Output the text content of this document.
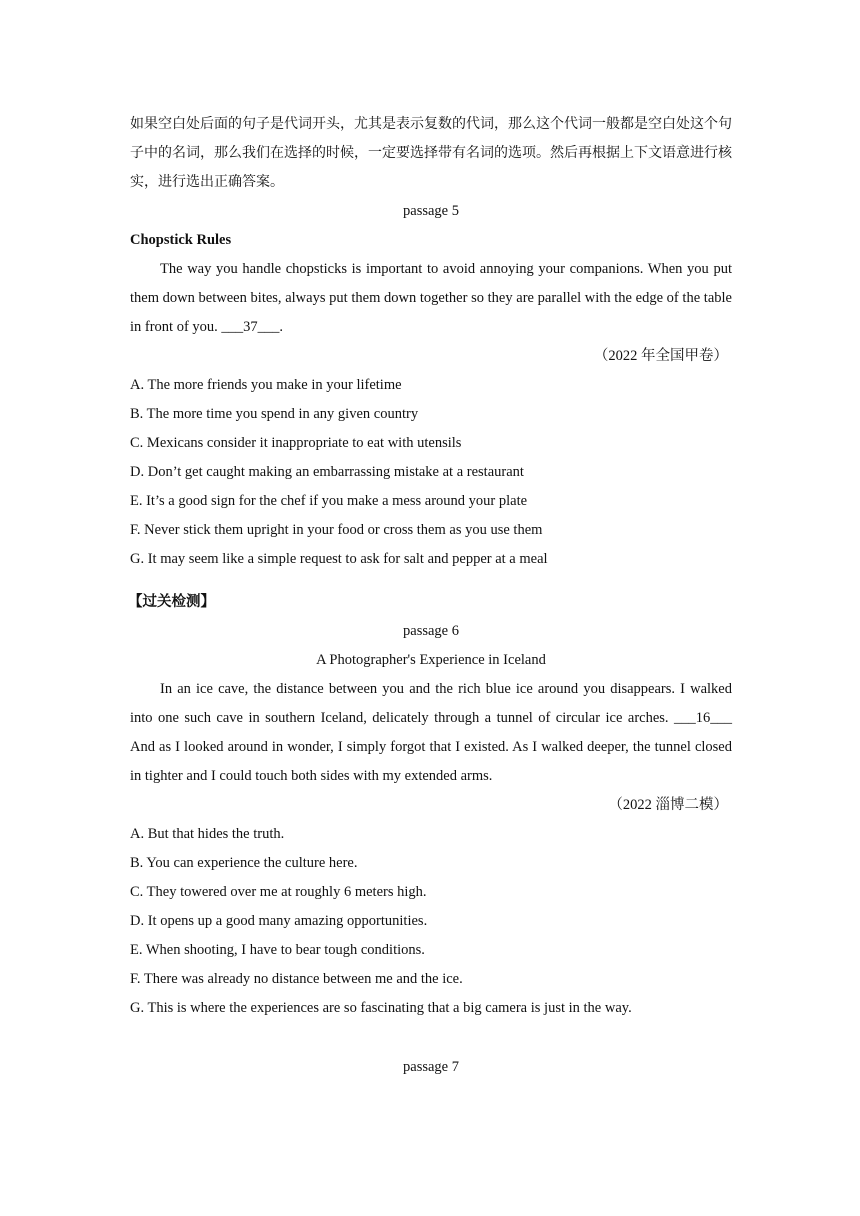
如果空白处后面的句子是代词开头，尤其是表示复数的代词，那么这个代词一般都是空白处这个句子中的名词，那么我们在选择的时候，一定要选择带有名词的选项。然后再根据上下文语意进行核实，进行选出正确答案。

passage 5

Chopstick Rules

The way you handle chopsticks is important to avoid annoying your companions. When you put them down between bites, always put them down together so they are parallel with the edge of the table in front of you. ___37___.

（2022 年全国甲卷）

A. The more friends you make in your lifetime
B. The more time you spend in any given country
C. Mexicans consider it inappropriate to eat with utensils
D. Don’t get caught making an embarrassing mistake at a restaurant
E. It’s a good sign for the chef if you make a mess around your plate
F. Never stick them upright in your food or cross them as you use them
G. It may seem like a simple request to ask for salt and pepper at a meal

【过关检测】

passage 6

A Photographer's Experience in Iceland

In an ice cave, the distance between you and the rich blue ice around you disappears. I walked into one such cave in southern Iceland, delicately through a tunnel of circular ice arches. ___16___ And as I looked around in wonder, I simply forgot that I existed. As I walked deeper, the tunnel closed in tighter and I could touch both sides with my extended arms.

（2022 淄博二模）

A. But that hides the truth.
B. You can experience the culture here.
C. They towered over me at roughly 6 meters high.
D. It opens up a good many amazing opportunities.
E. When shooting, I have to bear tough conditions.
F. There was already no distance between me and the ice.
G. This is where the experiences are so fascinating that a big camera is just in the way.

passage 7
